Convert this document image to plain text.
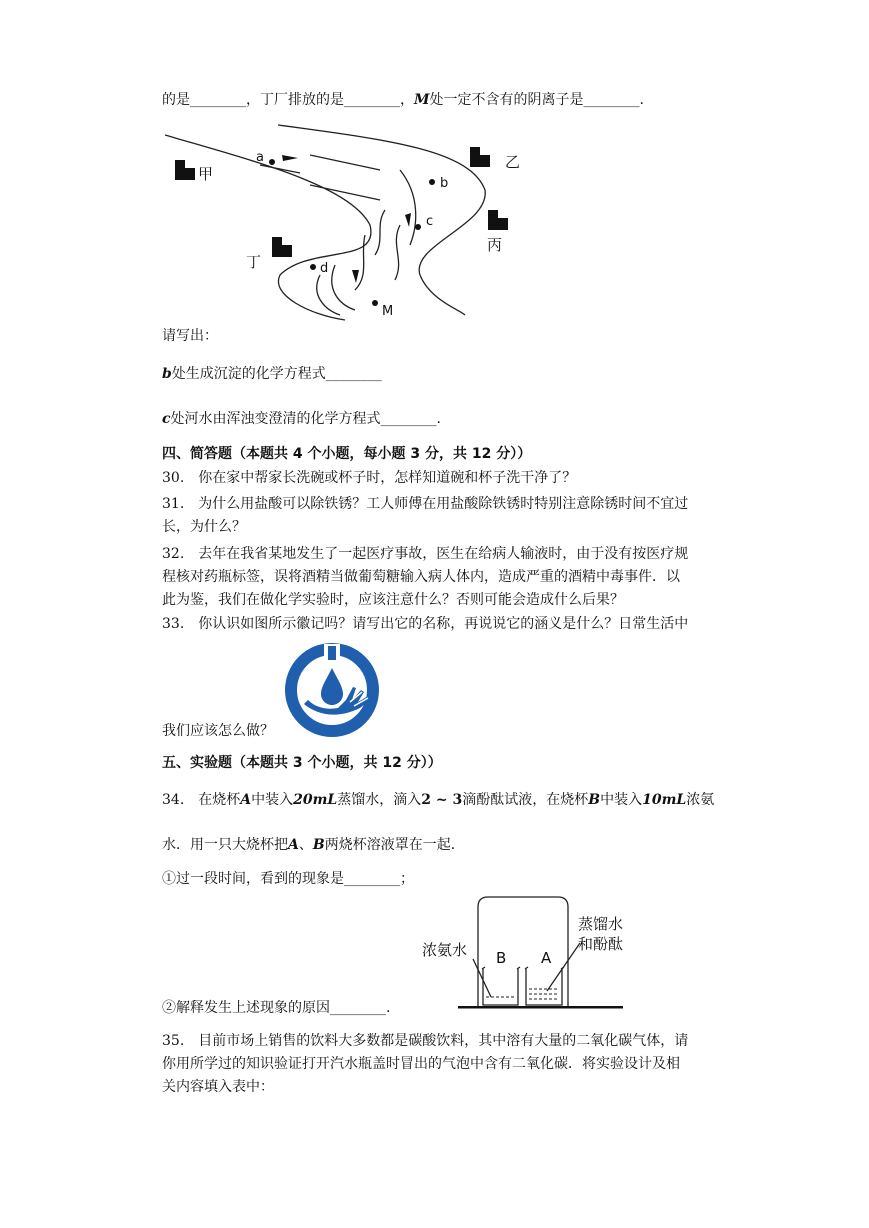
的是________，丁厂排放的是________，M处一定不含有的阴离子是________.
甲
乙
丙
丁
a
b
c
d
M
请写出：
b处生成沉淀的化学方程式________
c处河水由浑浊变澄清的化学方程式________.
四、简答题（本题共 4 个小题，每小题 3 分，共 12 分））
30.　你在家中帮家长洗碗或杯子时，怎样知道碗和杯子洗干净了？
31.　为什么用盐酸可以除铁锈？工人师傅在用盐酸除铁锈时特别注意除锈时间不宜过
长，为什么？
32.　去年在我省某地发生了一起医疗事故，医生在给病人输液时，由于没有按医疗规
程核对药瓶标签，误将酒精当做葡萄糖输入病人体内，造成严重的酒精中毒事件．以
此为鉴，我们在做化学实验时，应该注意什么？否则可能会造成什么后果？
33.　你认识如图所示徽记吗？请写出它的名称，再说说它的涵义是什么？日常生活中
我们应该怎么做？
五、实验题（本题共 3 个小题，共 12 分））
34.　在烧杯A中装入20mL蒸馏水，滴入2 ~ 3滴酚酞试液，在烧杯B中装入10mL浓氨
水．用一只大烧杯把A、B两烧杯溶液罩在一起．
①过一段时间，看到的现象是________；
浓氨水
蒸馏水
和酚酞
B A
②解释发生上述现象的原因________.
35.　目前市场上销售的饮料大多数都是碳酸饮料，其中溶有大量的二氧化碳气体，请
你用所学过的知识验证打开汽水瓶盖时冒出的气泡中含有二氧化碳．将实验设计及相
关内容填入表中：
